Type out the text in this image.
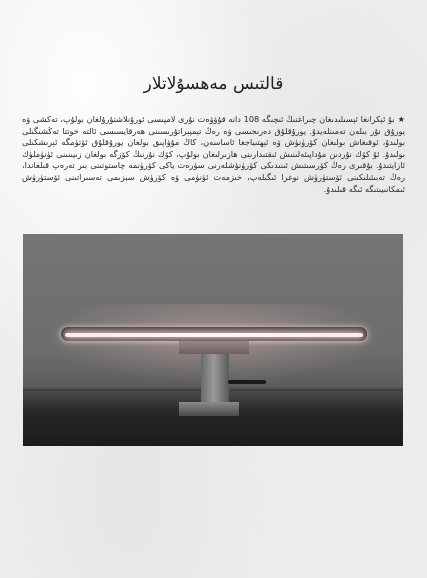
قالتىس مەھسۇلاتلار
★بۇ ئېكرانغا ئېسىلىدىغان چىراغنىڭ ئىچىگە 108 دانە قۇۋۋەت نۇرى لامپىسى ئورۇنلاشتۇرۇلغان بولۇپ، تەكشى ۋە يورۇق نۇر بىلەن تەمىنلەيدۇ. يورۇقلۇق دەرىجىسى ۋە رەڭ تېمپېراتۇرىسىنى ھەرقايسىسى ئالتە خوتتا تەڭشىگىلى بولىدۇ، ئوقىغاش بولىغان كۆرۈنۈش ۋە ئېھتىياجغا ئاساسەن، كاڭ مۇۋاپىق بولغان يورۇقلۇق ئۆتۈمگە ئېرىشكىلى بولىدۇ. ئۇ كۆك نۇردىن مۇداپىئەلىنىش ئىقتىدارىنى ھازىرلىغان بولۇپ، كۆك نۇرنىڭ كۆزگە بولغان زىيىنىنى ئۈنۈملۈك ئازايتىدۇ. بۇقىرى رەڭ كۆرسىتىش ئىنىدىكى كۆرۈنۈشلەرنى سۈرەت ياكى كۆرۈنمە چاستوتىنى بىر تەرەپ قىلغاندا، رەڭ تەبىئىلىكىنى ئۆستۈرۈش نوغرا ئىگىلەپ، خىزمەت ئۈنۈمى ۋە كۆرۈش سېزىمى تەسىراتىنى ئۆستۈرۈش ئىمكانىيىتىگە ئىگە قىلىدۇ.
